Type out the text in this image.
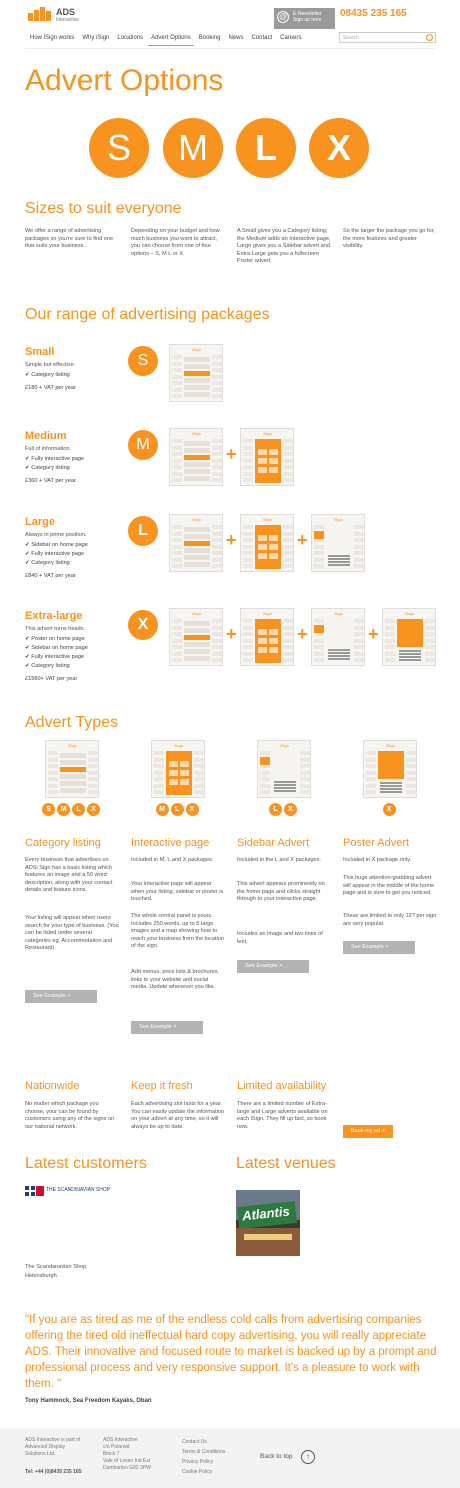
ADS
Interactive	@	E-Newsletter
Sign up here
08435 235 165
How iSign works	Why iSign	Locations	Advert Options	Booking	News	Contact	Careers	Search
Advert Options
S	M	L	X
Sizes to suit everyone
We offer a range of advertising packages so you're sure to find one that suits your business.
Depending on your budget and how much business you want to attract, you can choose from one of four options – S, M L or X.
A Small gives you a Category listing, the Medium adds an Interactive page, Large gives you a Sidebar advert and Extra Large gets you a fullscreen Poster advert.
So the larger the package you go for, the more features and greater visibility.
Our range of advertising packages
Small
Simple but effective.
✔ Category listing
£180 + VAT per year
S
iSign
Medium
Full of information.
✔ Fully interactive page
✔ Category listing
£360 + VAT per year
M
iSign	iSign
+
Large
Always in prime position.
✔ Sidebar on home page
✔ Fully interactive page
✔ Category listing
£840 + VAT per year
L
iSign	iSign
+
iSign
+
Extra-large
This advert turns heads.
✔ Poster on home page
✔ Sidebar on home page
✔ Fully interactive page
✔ Category listing
£1560+ VAT per year
X
iSign	iSign
+
iSign
+
iSign
+
Advert Types
iSign
S	M	L	X
Category listing
Every business that advertises on ADSi Sign has a basic listing which features an image and a 50 word description, along with your contact details and feature icons.
Your listing will appear when users search for your type of business. (You can be listed under several categories eg. Accommodation and Restaurant)
See Example >
iSign
M	L	X
Interactive page
Included in M, L and X packages.
Your interactive page will appear when your listing, sidebar or poster is touched.
The whole central panel is yours. Includes 250 words, up to 5 large images and a map showing how to reach your business from the location of the sign.
Add menus, price lists & brochures, links to your website and social media. Update whenever you like.
See Example >
iSign
L	X
Sidebar Advert
Included in the L and X packages.
This advert appears prominently on the home page and clicks straight through to your interactive page.
Includes an image and two lines of text.
See Example >
iSign
X
Poster Advert
Included in X package only.
This huge attention-grabbing advert will appear in the middle of the home page and is sure to get you noticed.
These are limited to only 12? per sign are very popular.
See Example >
Nationwide
No matter which package you choose, your can be found by customers using any of the signs on our national network.
Keep it fresh
Each advertising slot lasts for a year. You can easily update the information on your advert at any time, so it will always be up to date.
Limited availability
There are a limited number of Extra-large and Large adverts available on each iSign. They fill up fast, so book now.
Book my ad >
Latest customers
THE SCANDINAVIAN SHOP
The Scandanavian Shop
Helensburgh
Latest venues
Atlantis
"If you are as tired as me of the endless cold calls from advertising companies offering the tired old ineffectual hard copy advertising, you will really appreciate ADS. Their innovative and focused route to market is backed up by a prompt and professional process and very responsive support. It's a pleasure to work with them. "
Tony Hammock, Sea Freedom Kayaks, Oban
ADS Interactive is part of
Advanced Display
Solutions Ltd.
Tel: +44 (0)8435 235 165
ADS Interactive
c/o Polaroid
Block 7
Vale of Leven Ind Est
Dumbarton G82 3PW
Contact Us
Terms & Conditions
Privacy Policy
Cookie Policy
Back to top	↑
